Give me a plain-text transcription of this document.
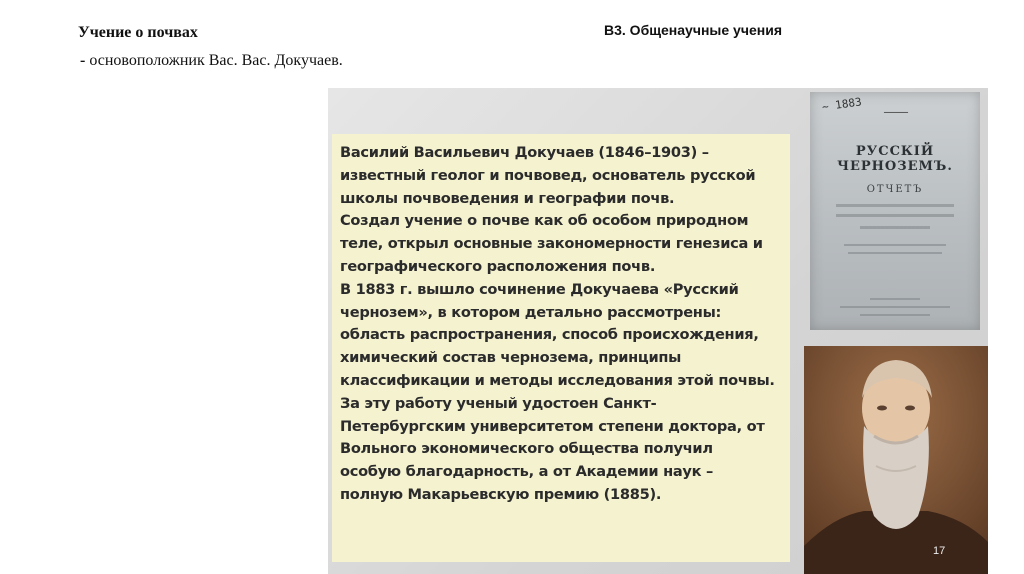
Учение о почвах
- основоположник Вас. Вас. Докучаев.
В3. Общенаучные учения

Василий Васильевич Докучаев (1846–1903) –

известный геолог и почвовед, основатель русской

школы почвоведения и географии почв.

Создал учение о почве как об особом природном

теле, открыл основные закономерности генезиса и

географического расположения почв.

В 1883 г. вышло сочинение Докучаева «Русский

чернозем», в котором детально рассмотрены:

область распространения, способ происхождения,

химический состав чернозема, принципы

классификации и методы исследования этой почвы.

За эту работу ученый удостоен Санкт-

Петербургским университетом степени доктора, от

Вольного экономического общества получил

особую благодарность, а от Академии наук –

полную Макарьевскую премию (1885).

~ 1883	━━━━━━━━
РУССКІЙ ЧЕРНОЗЕМЪ.
ОТЧЕТЪ
17
